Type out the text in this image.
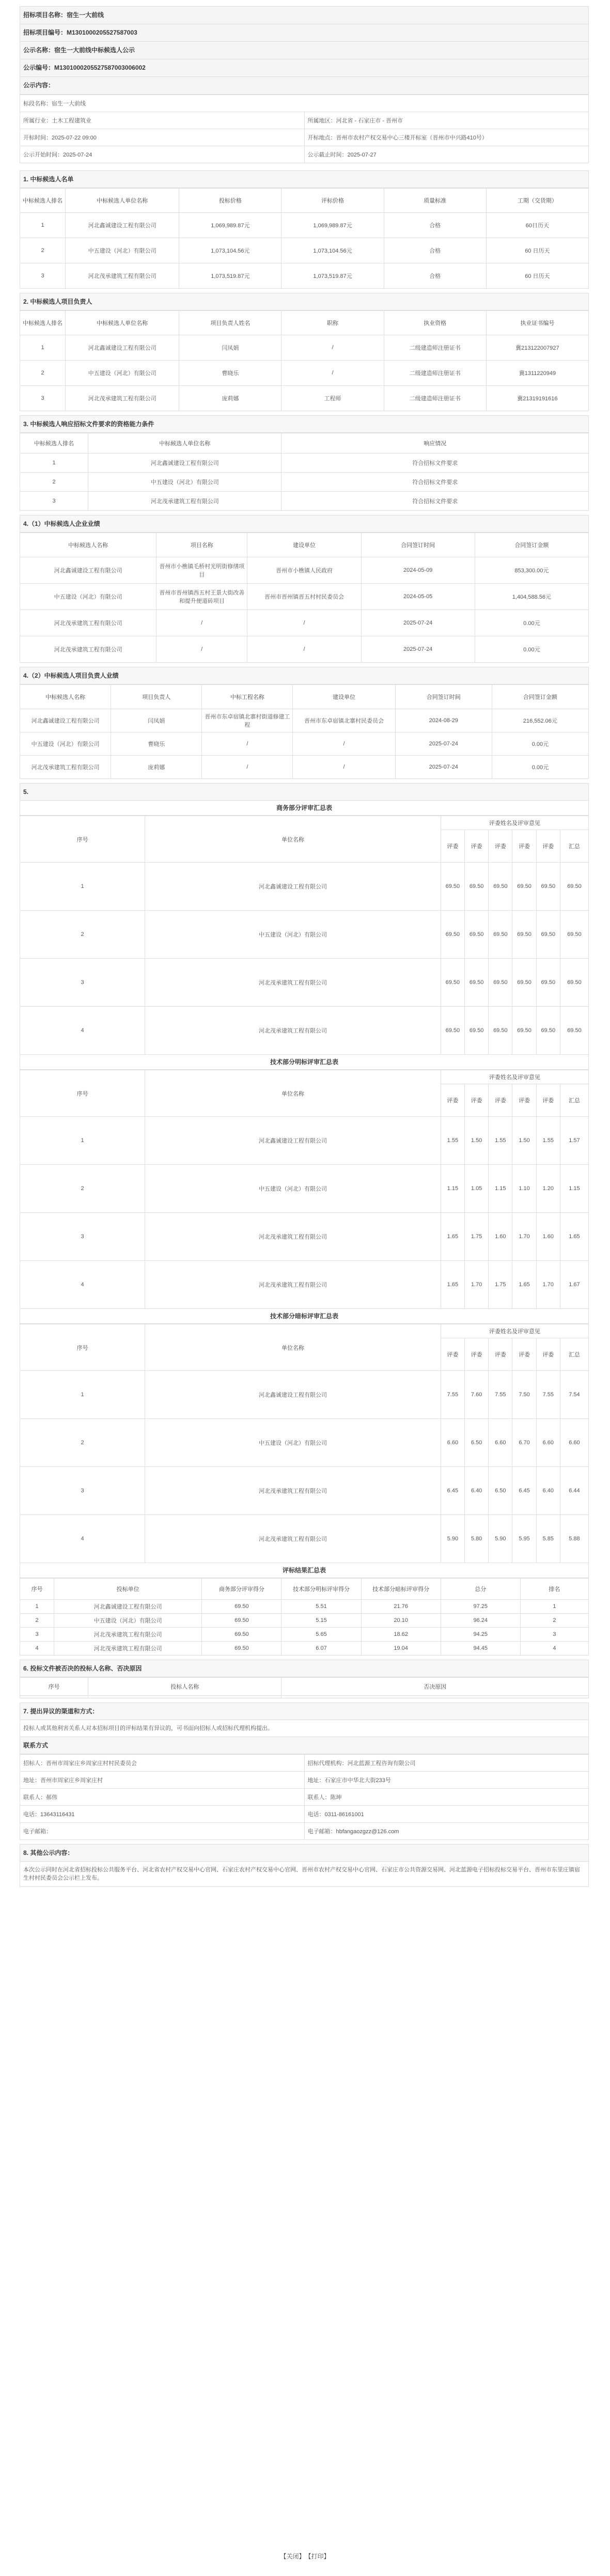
招标项目名称：宿生一大前线
招标项目编号：M1301000205527587003
公示名称：宿生一大前线中标候选人公示
公示编号：M1301000205527587003006002
公示内容：
标段名称：宿生一大前线	
所属行业：土木工程建筑业	所属地区：河北省 - 石家庄市 - 晋州市
开标时间：2025-07-22 09:00	开标地点：晋州市农村产权交易中心三楼开标室（晋州市中兴路410号）
公示开始时间：2025-07-24	公示截止时间：2025-07-27
1. 中标候选人名单
中标候选人排名	中标候选人单位名称	投标价格	评标价格	质量标准	工期（交货期）
1	河北鑫诚建设工程有限公司	1,069,989.87元	1,069,989.87元	合格	60日历天
2	中五建设（河北）有限公司	1,073,104.56元	1,073,104.56元	合格	60 日历天
3	河北茂承建筑工程有限公司	1,073,519.87元	1,073,519.87元	合格	60 日历天
2. 中标候选人项目负责人
中标候选人排名	中标候选人单位名称	项目负责人姓名	职称	执业资格	执业证书编号
1	河北鑫诚建设工程有限公司	闫凤娟	/	二级建造师注册证书	冀213122007927
2	中五建设（河北）有限公司	曹晓乐	/	二级建造师注册证书	冀1311220949
3	河北茂承建筑工程有限公司	庞莉娜	工程师	二级建造师注册证书	冀21319191616
3. 中标候选人响应招标文件要求的资格能力条件
中标候选人排名	中标候选人单位名称	响应情况
1	河北鑫诚建设工程有限公司	符合招标文件要求
2	中五建设（河北）有限公司	符合招标文件要求
3	河北茂承建筑工程有限公司	符合招标文件要求
4.（1）中标候选人企业业绩
中标候选人名称	项目名称	建设单位	合同签订时间	合同签订金额
河北鑫诚建设工程有限公司	晋州市小樵镇毛桥村光明街修缮项目	晋州市小樵镇人民政府	2024-05-09	853,300.00元
中五建设（河北）有限公司	晋州市晋州镇西五村王景大街改善和提升便道砖项目	晋州市晋州镇晋五村村民委员会	2024-05-05	1,404,588.56元
河北茂承建筑工程有限公司	/	/	2025-07-24	0.00元
河北茂承建筑工程有限公司	/	/	2025-07-24	0.00元
4.（2）中标候选人项目负责人业绩
中标候选人名称	项目负责人	中标工程名称	建设单位	合同签订时间	合同签订金额
河北鑫诚建设工程有限公司	闫凤娟	晋州市东卓宿镇北寨村街道修建工程	晋州市东卓宿镇北寨村民委员会	2024-08-29	216,552.06元
中五建设（河北）有限公司	曹晓乐	/	/	2025-07-24	0.00元
河北茂承建筑工程有限公司	庞莉娜	/	/	2025-07-24	0.00元
5.
商务部分评审汇总表
序号	单位名称	评委姓名及评审意见					
		评委	评委	评委	评委	评委	汇总
1	河北鑫诚建设工程有限公司	69.50	69.50	69.50	69.50	69.50	69.50
2	中五建设（河北）有限公司	69.50	69.50	69.50	69.50	69.50	69.50
3	河北茂承建筑工程有限公司	69.50	69.50	69.50	69.50	69.50	69.50
4	河北茂承建筑工程有限公司	69.50	69.50	69.50	69.50	69.50	69.50
技术部分明标评审汇总表
序号	单位名称	评委姓名及评审意见					
		评委	评委	评委	评委	评委	汇总
1	河北鑫诚建设工程有限公司	1.55	1.50	1.55	1.50	1.55	1.57
2	中五建设（河北）有限公司	1.15	1.05	1.15	1.10	1.20	1.15
3	河北茂承建筑工程有限公司	1.65	1.75	1.60	1.70	1.60	1.65
4	河北茂承建筑工程有限公司	1.65	1.70	1.75	1.65	1.70	1.67
技术部分暗标评审汇总表
序号	单位名称	评委姓名及评审意见					
		评委	评委	评委	评委	评委	汇总
1	河北鑫诚建设工程有限公司	7.55	7.60	7.55	7.50	7.55	7.54
2	中五建设（河北）有限公司	6.60	6.50	6.60	6.70	6.60	6.60
3	河北茂承建筑工程有限公司	6.45	6.40	6.50	6.45	6.40	6.44
4	河北茂承建筑工程有限公司	5.90	5.80	5.90	5.95	5.85	5.88
评标结果汇总表
序号	投标单位	商务部分评审得分	技术部分明标评审得分	技术部分暗标评审得分	总分	排名
1	河北鑫诚建设工程有限公司	69.50	5.51	21.76	97.25	1
2	中五建设（河北）有限公司	69.50	5.15	20.10	96.24	2
3	河北茂承建筑工程有限公司	69.50	5.65	18.62	94.25	3
4	河北茂承建筑工程有限公司	69.50	6.07	19.04	94.45	4
6. 投标文件被否决的投标人名称、否决原因
序号	投标人名称	否决原因

7. 提出异议的渠道和方式：
投标人或其他利害关系人对本招标项目的评标结果有异议的，可书面向招标人或招标代理机构提出。
联系方式
招标人：晋州市周家庄乡周家庄村村民委员会	招标代理机构：河北蓝源工程咨询有限公司
地址：晋州市周家庄乡周家庄村	地址：石家庄市中华北大街233号
联系人：郝伟	联系人：陈坤
电话：13643116431	电话：0311-86161001
电子邮箱：	电子邮箱：hbfangaozgzz@126.com
8. 其他公示内容：
本次公示同时在河北省招标投标公共服务平台、河北省农村产权交易中心官网、石家庄农村产权交易中心官网、晋州市农村产权交易中心官网、石家庄市公共资源交易网、河北蓝源电子招标投标交易平台、晋州市东里庄镇宿生村村民委员会公示栏上发布。
【关闭】 【打印】
